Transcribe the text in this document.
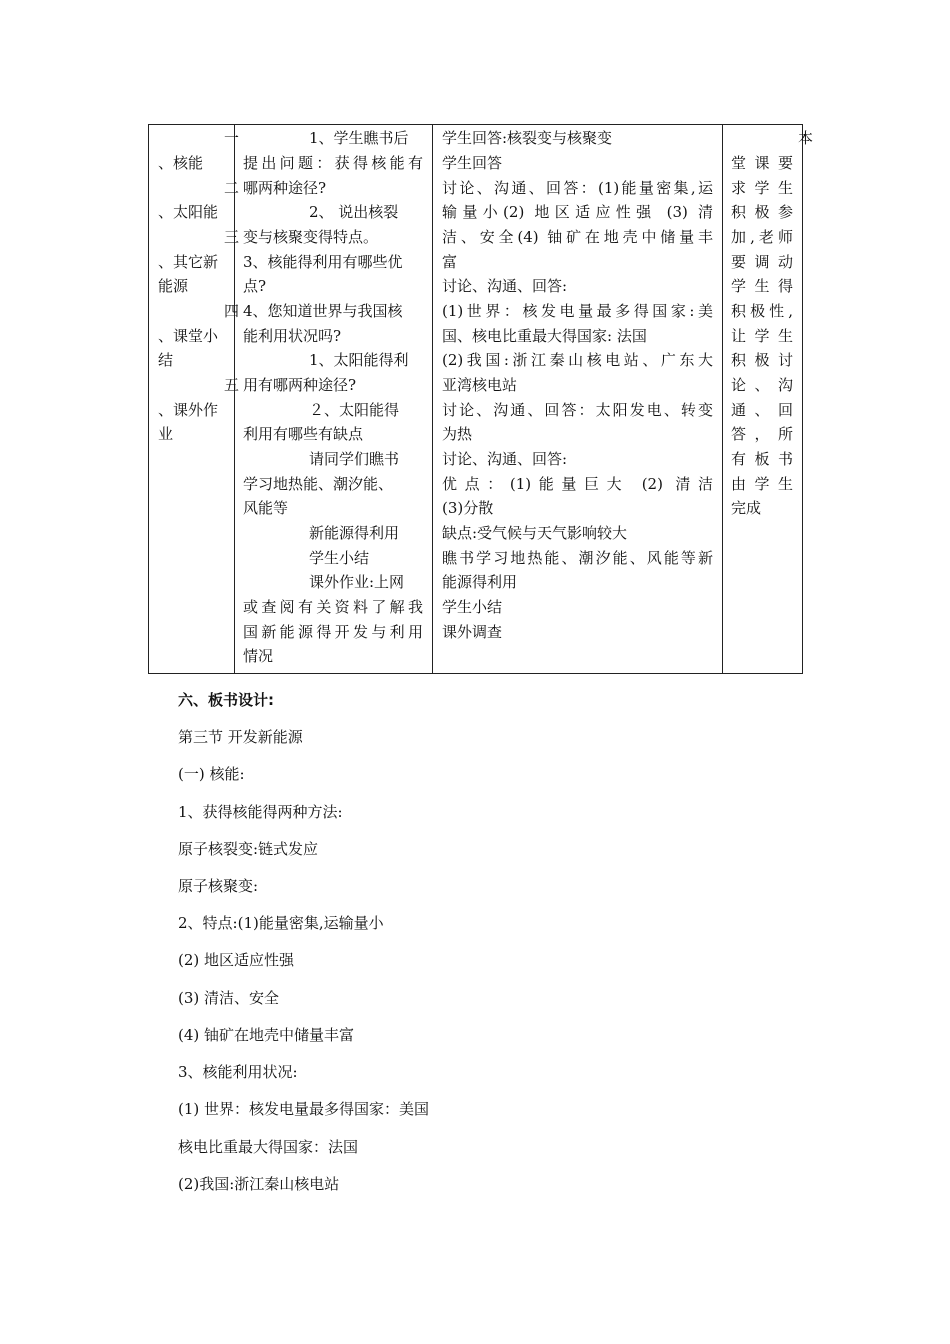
一
、核能
二
、太阳能
三
、其它新
能源
四
、课堂小
结
五
、课外作
业
1、学生瞧书后
提出问题：获得核能有
哪两种途径?
2、 说出核裂
变与核聚变得特点。
3、核能得利用有哪些优
点?
4、您知道世界与我国核
能利用状况吗?
1、太阳能得利
用有哪两种途径?
２、太阳能得
利用有哪些有缺点
请同学们瞧书
学习地热能、潮汐能、
风能等
新能源得利用
学生小结
课外作业:上网
或查阅有关资料了解我
国新能源得开发与利用
情况
学生回答:核裂变与核聚变
学生回答
讨论、沟通、回答：(1)能量密集,运
输量小(2) 地区适应性强 (3) 清
洁、安全(4) 铀矿在地壳中储量丰
富
讨论、沟通、回答:
(1)世界：核发电量最多得国家:美
国、核电比重最大得国家: 法国
(2)我国:浙江秦山核电站、广东大
亚湾核电站
讨论、沟通、回答：太阳发电、转变
为热
讨论、沟通、回答:
优点：(1)能量巨大 (2) 清洁
(3)分散
缺点:受气候与天气影响较大
瞧书学习地热能、潮汐能、风能等新
能源得利用
学生小结
课外调查
本
堂课要
求学生
积极参
加,老师
要调动
学生得
积极性,
让学生
积极讨
论、沟
通、回
答，所
有板书
由学生
完成
六、板书设计:
第三节 开发新能源
(一) 核能:
1、获得核能得两种方法:
原子核裂变:链式发应
原子核聚变:
2、特点:(1)能量密集,运输量小
(2) 地区适应性强
(3) 清洁、安全
(4) 铀矿在地壳中储量丰富
3、核能利用状况:
(1) 世界：核发电量最多得国家：美国
核电比重最大得国家：法国
(2)我国:浙江秦山核电站
